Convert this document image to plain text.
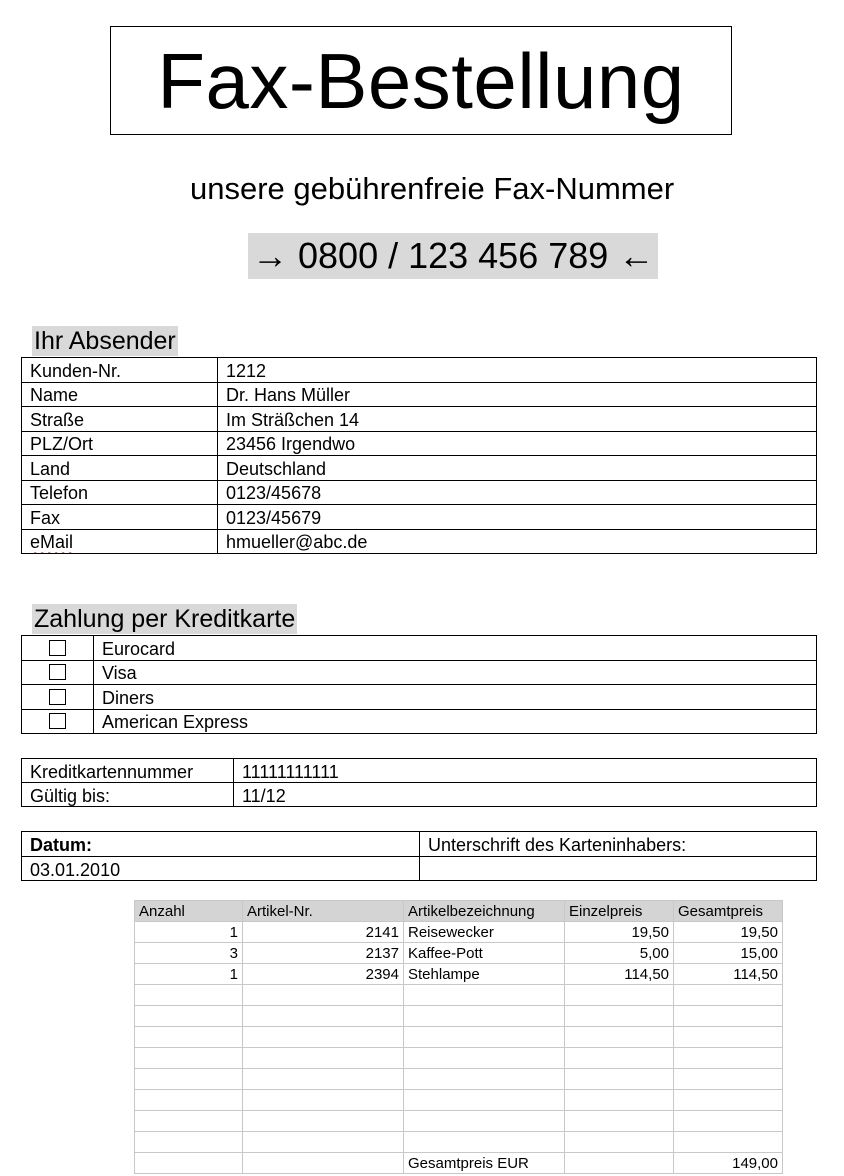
Fax-Bestellung
unsere gebührenfreie Fax-Nummer
→ 0800 / 123 456 789 ←
Ihr Absender
Kunden-Nr.	1212
Name	Dr. Hans Müller
Straße	Im Sträßchen 14
PLZ/Ort	23456 Irgendwo
Land	Deutschland
Telefon	0123/45678
Fax	0123/45679
eMail	hmueller@abc.de
Zahlung per Kreditkarte
	Eurocard

	Visa

	Diners

	American Express
Kreditkartennummer	11111111111
Gültig bis:	11/12
Datum:	Unterschrift des Karteninhabers:
03.01.2010	
Anzahl	Artikel-Nr.	Artikelbezeichnung	Einzelpreis	Gesamtpreis
1	2141	Reisewecker	19,50	19,50
3	2137	Kaffee-Pott	5,00	15,00
1	2394	Stehlampe	114,50	114,50

		Gesamtpreis EUR		149,00
